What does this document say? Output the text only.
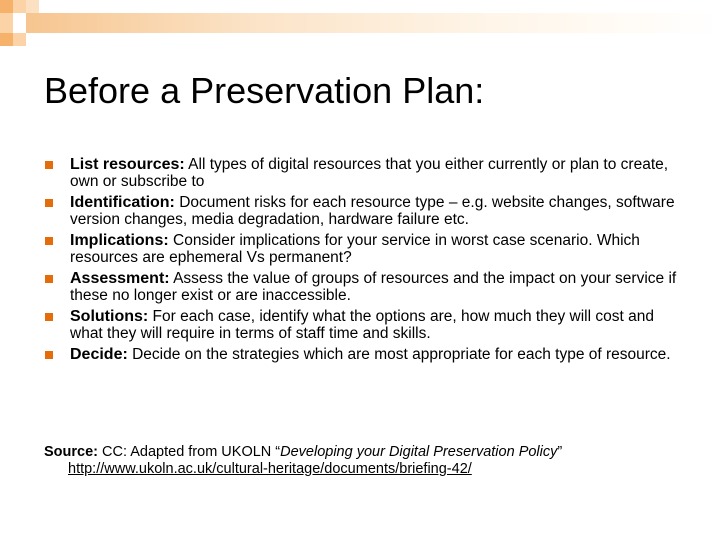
Before a Preservation Plan:
List resources: All types of digital resources that you either currently or plan to create, own or subscribe to
Identification: Document risks for each resource type – e.g. website changes, software version changes, media degradation, hardware failure etc.
Implications: Consider implications for your service in worst case scenario. Which resources are ephemeral Vs permanent?
Assessment: Assess the value of groups of resources and the impact on your service if these no longer exist or are inaccessible.
Solutions: For each case, identify what the options are, how much they will cost and what they will require in terms of staff time and skills.
Decide: Decide on the strategies which are most appropriate for each type of resource.
Source: CC: Adapted from UKOLN “Developing your Digital Preservation Policy”
http://www.ukoln.ac.uk/cultural-heritage/documents/briefing-42/
